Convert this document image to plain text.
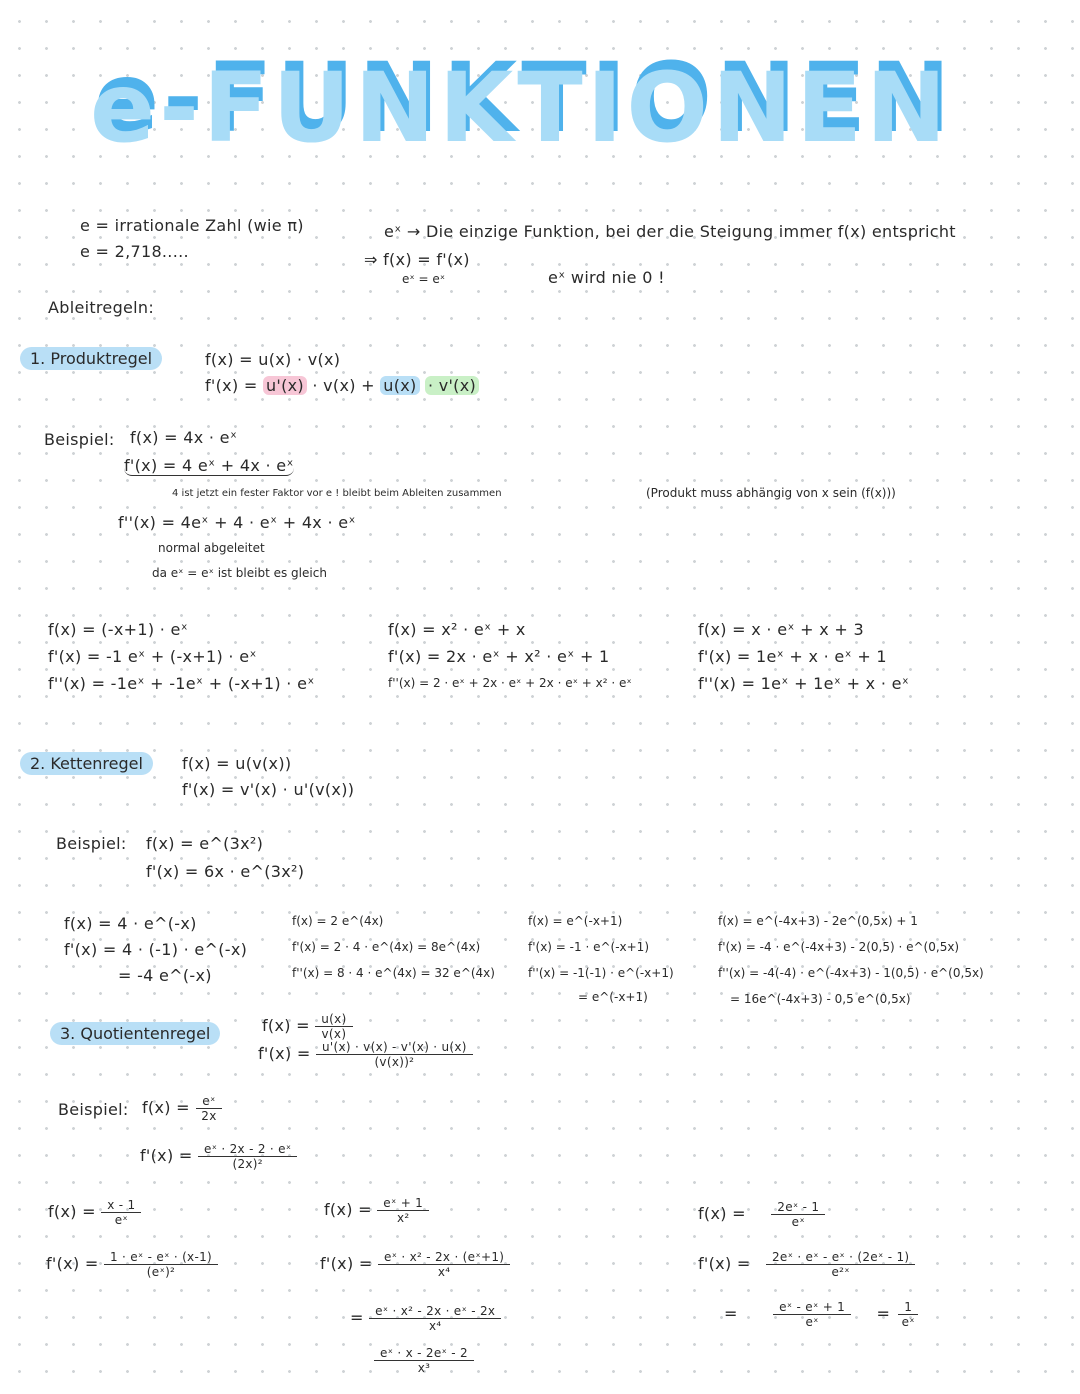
e-FUNKTIONEN
e = irrationale Zahl (wie π)
e = 2,718.....
eˣ → Die einzige Funktion, bei der die Steigung immer f(x) entspricht
⇒ f(x) = f'(x)
eˣ = eˣ	eˣ wird nie 0 !
Ableitregeln:
1. Produktregel	f(x) = u(x) · v(x)
f'(x) = u'(x) · v(x) + u(x) · v'(x)
Beispiel: f(x) = 4x · eˣ
f'(x) = 4 eˣ + 4x · eˣ
4 ist jetzt ein fester Faktor vor e ! bleibt beim Ableiten zusammen	(Produkt muss abhängig von x sein (f(x)))
f''(x) = 4eˣ + 4 · eˣ + 4x · eˣ
normal abgeleitet
da eˣ = eˣ ist bleibt es gleich
f(x) = (-x+1) · eˣ
f'(x) = -1 eˣ + (-x+1) · eˣ
f''(x) = -1eˣ + -1eˣ + (-x+1) · eˣ
f(x) = x² · eˣ + x
f'(x) = 2x · eˣ + x² · eˣ + 1
f''(x) = 2 · eˣ + 2x · eˣ + 2x · eˣ + x² · eˣ
f(x) = x · eˣ + x + 3
f'(x) = 1eˣ + x · eˣ + 1
f''(x) = 1eˣ + 1eˣ + x · eˣ
2. Kettenregel	f(x) = u(v(x))
f'(x) = v'(x) · u'(v(x))
Beispiel: f(x) = e^(3x²)
f'(x) = 6x · e^(3x²)
f(x) = 4 · e^(-x)
f'(x) = 4 · (-1) · e^(-x)
= -4 e^(-x)
f(x) = 2 e^(4x)
f'(x) = 2 · 4 · e^(4x) = 8e^(4x)
f''(x) = 8 · 4 · e^(4x) = 32 e^(4x)
f(x) = e^(-x+1)
f'(x) = -1 · e^(-x+1)
f''(x) = -1(-1) · e^(-x+1)
= e^(-x+1)
f(x) = e^(-4x+3) - 2e^(0,5x) + 1
f'(x) = -4 · e^(-4x+3) - 2(0,5) · e^(0,5x)
f''(x) = -4(-4) · e^(-4x+3) - 1(0,5) · e^(0,5x)
= 16e^(-4x+3) - 0,5 e^(0,5x)
3. Quotientenregel	$f(x) = \frac{u(x)}{v(x)}$
$f'(x) = \frac{u'(x) \cdot v(x) - v'(x) \cdot u(x)}{\text{(v(x))²}}$
Beispiel: $f(x) = \frac{\text{eˣ}}{2x}$
$f'(x) = \frac{\text{eˣ · 2x - 2 · eˣ}}{\text{(2x)²}}$
$f(x) = \frac{x - 1}{\text{eˣ}}$
$f'(x) = \frac{\text{1 · eˣ - eˣ · (x-1)}}{\text{(eˣ)²}}$
$f(x) = \frac{\text{eˣ + 1}}{\text{x²}}$
$f'(x) = \frac{\text{eˣ · x² - 2x · (eˣ+1)}}{\text{x⁴}}$
= $\frac{\text{eˣ · x² - 2x · eˣ - 2x}}{\text{x⁴}}$
$\frac{\text{eˣ · x - 2eˣ - 2}}{\text{x³}}$
$f(x) = \frac{\text{2eˣ - 1}}{\text{eˣ}}$
$f'(x) = \frac{\text{2eˣ · eˣ - eˣ · (2eˣ - 1)}}{\text{e²ˣ}}$
=	$\frac{\text{eˣ - eˣ + 1}}{\text{eˣ}} = \frac{1}{\text{eˣ}}$
